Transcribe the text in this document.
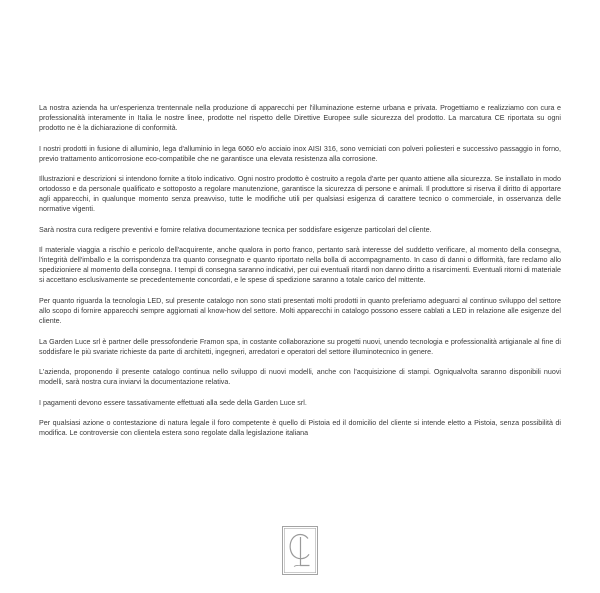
La nostra azienda ha un'esperienza trentennale nella produzione di apparecchi per l'illuminazione esterne urbana e privata. Progettiamo e realizziamo con cura e professionalità interamente in Italia le nostre linee, prodotte nel rispetto delle Direttive Europee sulle sicurezza del prodotto. La marcatura CE riportata su ogni prodotto ne è la dichiarazione di conformità.

I nostri prodotti in fusione di alluminio, lega d'alluminio in lega 6060 e/o acciaio inox AISI 316, sono verniciati con polveri poliesteri e successivo passaggio in forno, previo trattamento anticorrosione eco-compatibile che ne garantisce una elevata resistenza alla corrosione.

Illustrazioni e descrizioni si intendono fornite a titolo indicativo. Ogni nostro prodotto è costruito a regola d'arte per quanto attiene alla sicurezza. Se installato in modo ortodosso e da personale qualificato e sottoposto a regolare manutenzione, garantisce la sicurezza di persone e animali. Il produttore si riserva il diritto di apportare agli apparecchi, in qualunque momento senza preavviso, tutte le modifiche utili per qualsiasi esigenza di carattere tecnico o commerciale, in osservanza delle normative vigenti.

Sarà nostra cura redigere preventivi e fornire relativa documentazione tecnica per soddisfare esigenze particolari del cliente.

Il materiale viaggia a rischio e pericolo dell'acquirente, anche qualora in porto franco, pertanto sarà interesse del suddetto verificare, al momento della consegna, l'integrità dell'imballo e la corrispondenza tra quanto consegnato e quanto riportato nella bolla di accompagnamento. In caso di danni o difformità, fare reclamo allo spedizioniere al momento della consegna. I tempi di consegna saranno indicativi, per cui eventuali ritardi non danno diritto a risarcimenti. Eventuali ritorni di materiale si accettano esclusivamente se precedentemente concordati, e le spese di spedizione saranno a totale carico del mittente.

Per quanto riguarda la tecnologia LED, sul presente catalogo non sono stati presentati molti prodotti in quanto preferiamo adeguarci al continuo sviluppo del settore allo scopo di fornire apparecchi sempre aggiornati al know-how del settore. Molti apparecchi in catalogo possono essere cablati a LED in relazione alle esigenze del cliente.

La Garden Luce srl è partner delle pressofonderie Framon spa, in costante collaborazione su progetti nuovi, unendo tecnologia e professionalità artigianale al fine di soddisfare le più svariate richieste da parte di architetti, ingegneri, arredatori e operatori del settore illuminotecnico in genere.

L'azienda, proponendo il presente catalogo continua nello sviluppo di nuovi modelli, anche con l'acquisizione di stampi. Ogniqualvolta saranno disponibili nuovi modelli, sarà nostra cura inviarvi la documentazione relativa.

I pagamenti devono essere tassativamente effettuati alla sede della Garden Luce srl.

Per qualsiasi azione o contestazione di natura legale il foro competente è quello di Pistoia ed il domicilio del cliente si intende eletto a Pistoia, senza possibilità di modifica. Le controversie con clientela estera sono regolate dalla legislazione italiana
